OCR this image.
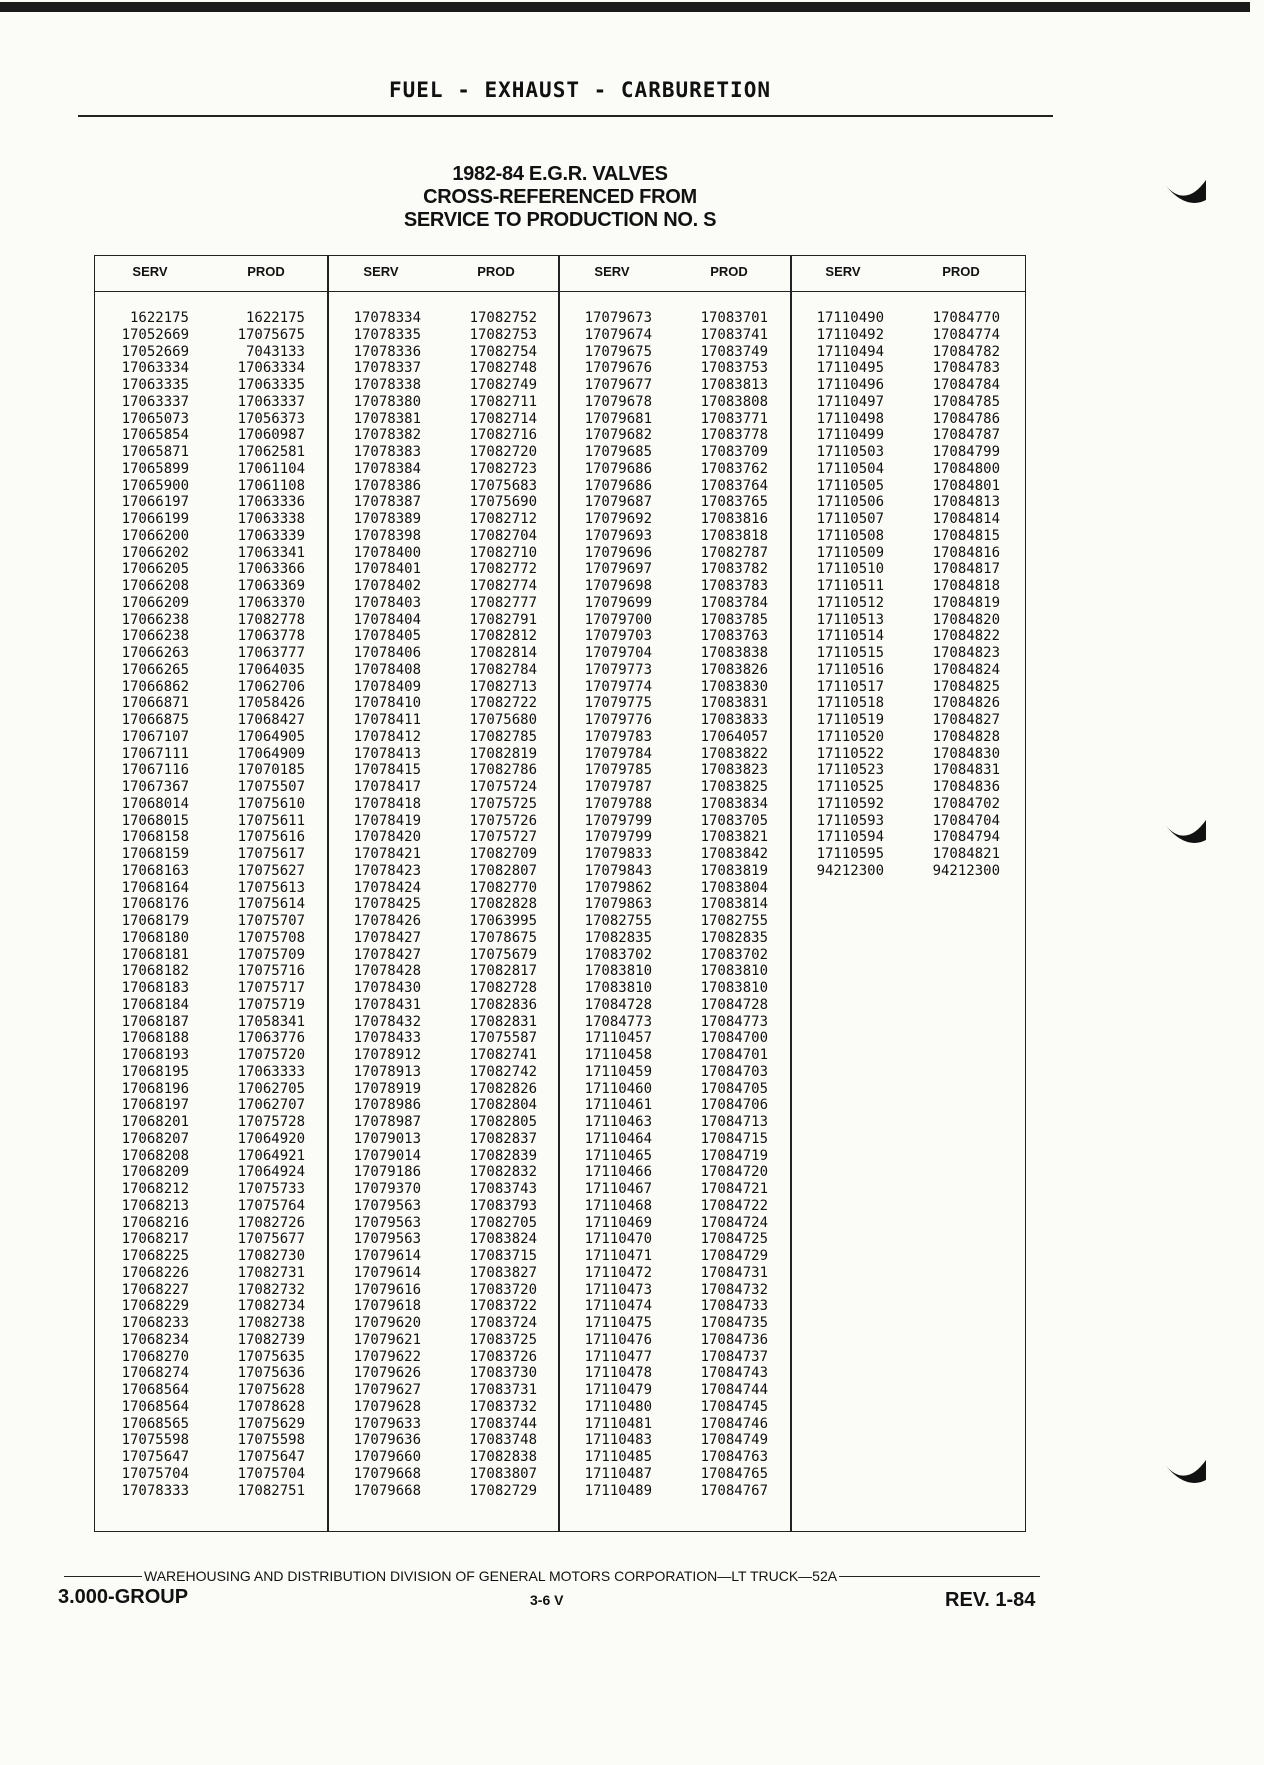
FUEL - EXHAUST - CARBURETION
1982-84 E.G.R. VALVES
CROSS-REFERENCED FROM
SERVICE TO PRODUCTION NO. S
SERV	PROD	SERV	PROD	SERV	PROD	SERV	PROD
1622175	1622175
17052669	17075675
17052669	7043133
17063334	17063334
17063335	17063335
17063337	17063337
17065073	17056373
17065854	17060987
17065871	17062581
17065899	17061104
17065900	17061108
17066197	17063336
17066199	17063338
17066200	17063339
17066202	17063341
17066205	17063366
17066208	17063369
17066209	17063370
17066238	17082778
17066238	17063778
17066263	17063777
17066265	17064035
17066862	17062706
17066871	17058426
17066875	17068427
17067107	17064905
17067111	17064909
17067116	17070185
17067367	17075507
17068014	17075610
17068015	17075611
17068158	17075616
17068159	17075617
17068163	17075627
17068164	17075613
17068176	17075614
17068179	17075707
17068180	17075708
17068181	17075709
17068182	17075716
17068183	17075717
17068184	17075719
17068187	17058341
17068188	17063776
17068193	17075720
17068195	17063333
17068196	17062705
17068197	17062707
17068201	17075728
17068207	17064920
17068208	17064921
17068209	17064924
17068212	17075733
17068213	17075764
17068216	17082726
17068217	17075677
17068225	17082730
17068226	17082731
17068227	17082732
17068229	17082734
17068233	17082738
17068234	17082739
17068270	17075635
17068274	17075636
17068564	17075628
17068564	17078628
17068565	17075629
17075598	17075598
17075647	17075647
17075704	17075704
17078333	17082751
17078334	17082752
17078335	17082753
17078336	17082754
17078337	17082748
17078338	17082749
17078380	17082711
17078381	17082714
17078382	17082716
17078383	17082720
17078384	17082723
17078386	17075683
17078387	17075690
17078389	17082712
17078398	17082704
17078400	17082710
17078401	17082772
17078402	17082774
17078403	17082777
17078404	17082791
17078405	17082812
17078406	17082814
17078408	17082784
17078409	17082713
17078410	17082722
17078411	17075680
17078412	17082785
17078413	17082819
17078415	17082786
17078417	17075724
17078418	17075725
17078419	17075726
17078420	17075727
17078421	17082709
17078423	17082807
17078424	17082770
17078425	17082828
17078426	17063995
17078427	17078675
17078427	17075679
17078428	17082817
17078430	17082728
17078431	17082836
17078432	17082831
17078433	17075587
17078912	17082741
17078913	17082742
17078919	17082826
17078986	17082804
17078987	17082805
17079013	17082837
17079014	17082839
17079186	17082832
17079370	17083743
17079563	17083793
17079563	17082705
17079563	17083824
17079614	17083715
17079614	17083827
17079616	17083720
17079618	17083722
17079620	17083724
17079621	17083725
17079622	17083726
17079626	17083730
17079627	17083731
17079628	17083732
17079633	17083744
17079636	17083748
17079660	17082838
17079668	17083807
17079668	17082729
17079673	17083701
17079674	17083741
17079675	17083749
17079676	17083753
17079677	17083813
17079678	17083808
17079681	17083771
17079682	17083778
17079685	17083709
17079686	17083762
17079686	17083764
17079687	17083765
17079692	17083816
17079693	17083818
17079696	17082787
17079697	17083782
17079698	17083783
17079699	17083784
17079700	17083785
17079703	17083763
17079704	17083838
17079773	17083826
17079774	17083830
17079775	17083831
17079776	17083833
17079783	17064057
17079784	17083822
17079785	17083823
17079787	17083825
17079788	17083834
17079799	17083705
17079799	17083821
17079833	17083842
17079843	17083819
17079862	17083804
17079863	17083814
17082755	17082755
17082835	17082835
17083702	17083702
17083810	17083810
17083810	17083810
17084728	17084728
17084773	17084773
17110457	17084700
17110458	17084701
17110459	17084703
17110460	17084705
17110461	17084706
17110463	17084713
17110464	17084715
17110465	17084719
17110466	17084720
17110467	17084721
17110468	17084722
17110469	17084724
17110470	17084725
17110471	17084729
17110472	17084731
17110473	17084732
17110474	17084733
17110475	17084735
17110476	17084736
17110477	17084737
17110478	17084743
17110479	17084744
17110480	17084745
17110481	17084746
17110483	17084749
17110485	17084763
17110487	17084765
17110489	17084767
17110490	17084770
17110492	17084774
17110494	17084782
17110495	17084783
17110496	17084784
17110497	17084785
17110498	17084786
17110499	17084787
17110503	17084799
17110504	17084800
17110505	17084801
17110506	17084813
17110507	17084814
17110508	17084815
17110509	17084816
17110510	17084817
17110511	17084818
17110512	17084819
17110513	17084820
17110514	17084822
17110515	17084823
17110516	17084824
17110517	17084825
17110518	17084826
17110519	17084827
17110520	17084828
17110522	17084830
17110523	17084831
17110525	17084836
17110592	17084702
17110593	17084704
17110594	17084794
17110595	17084821
94212300	94212300
WAREHOUSING AND DISTRIBUTION DIVISION OF GENERAL MOTORS CORPORATION—LT TRUCK—52A
3.000-GROUP	3-6 V	REV. 1-84
